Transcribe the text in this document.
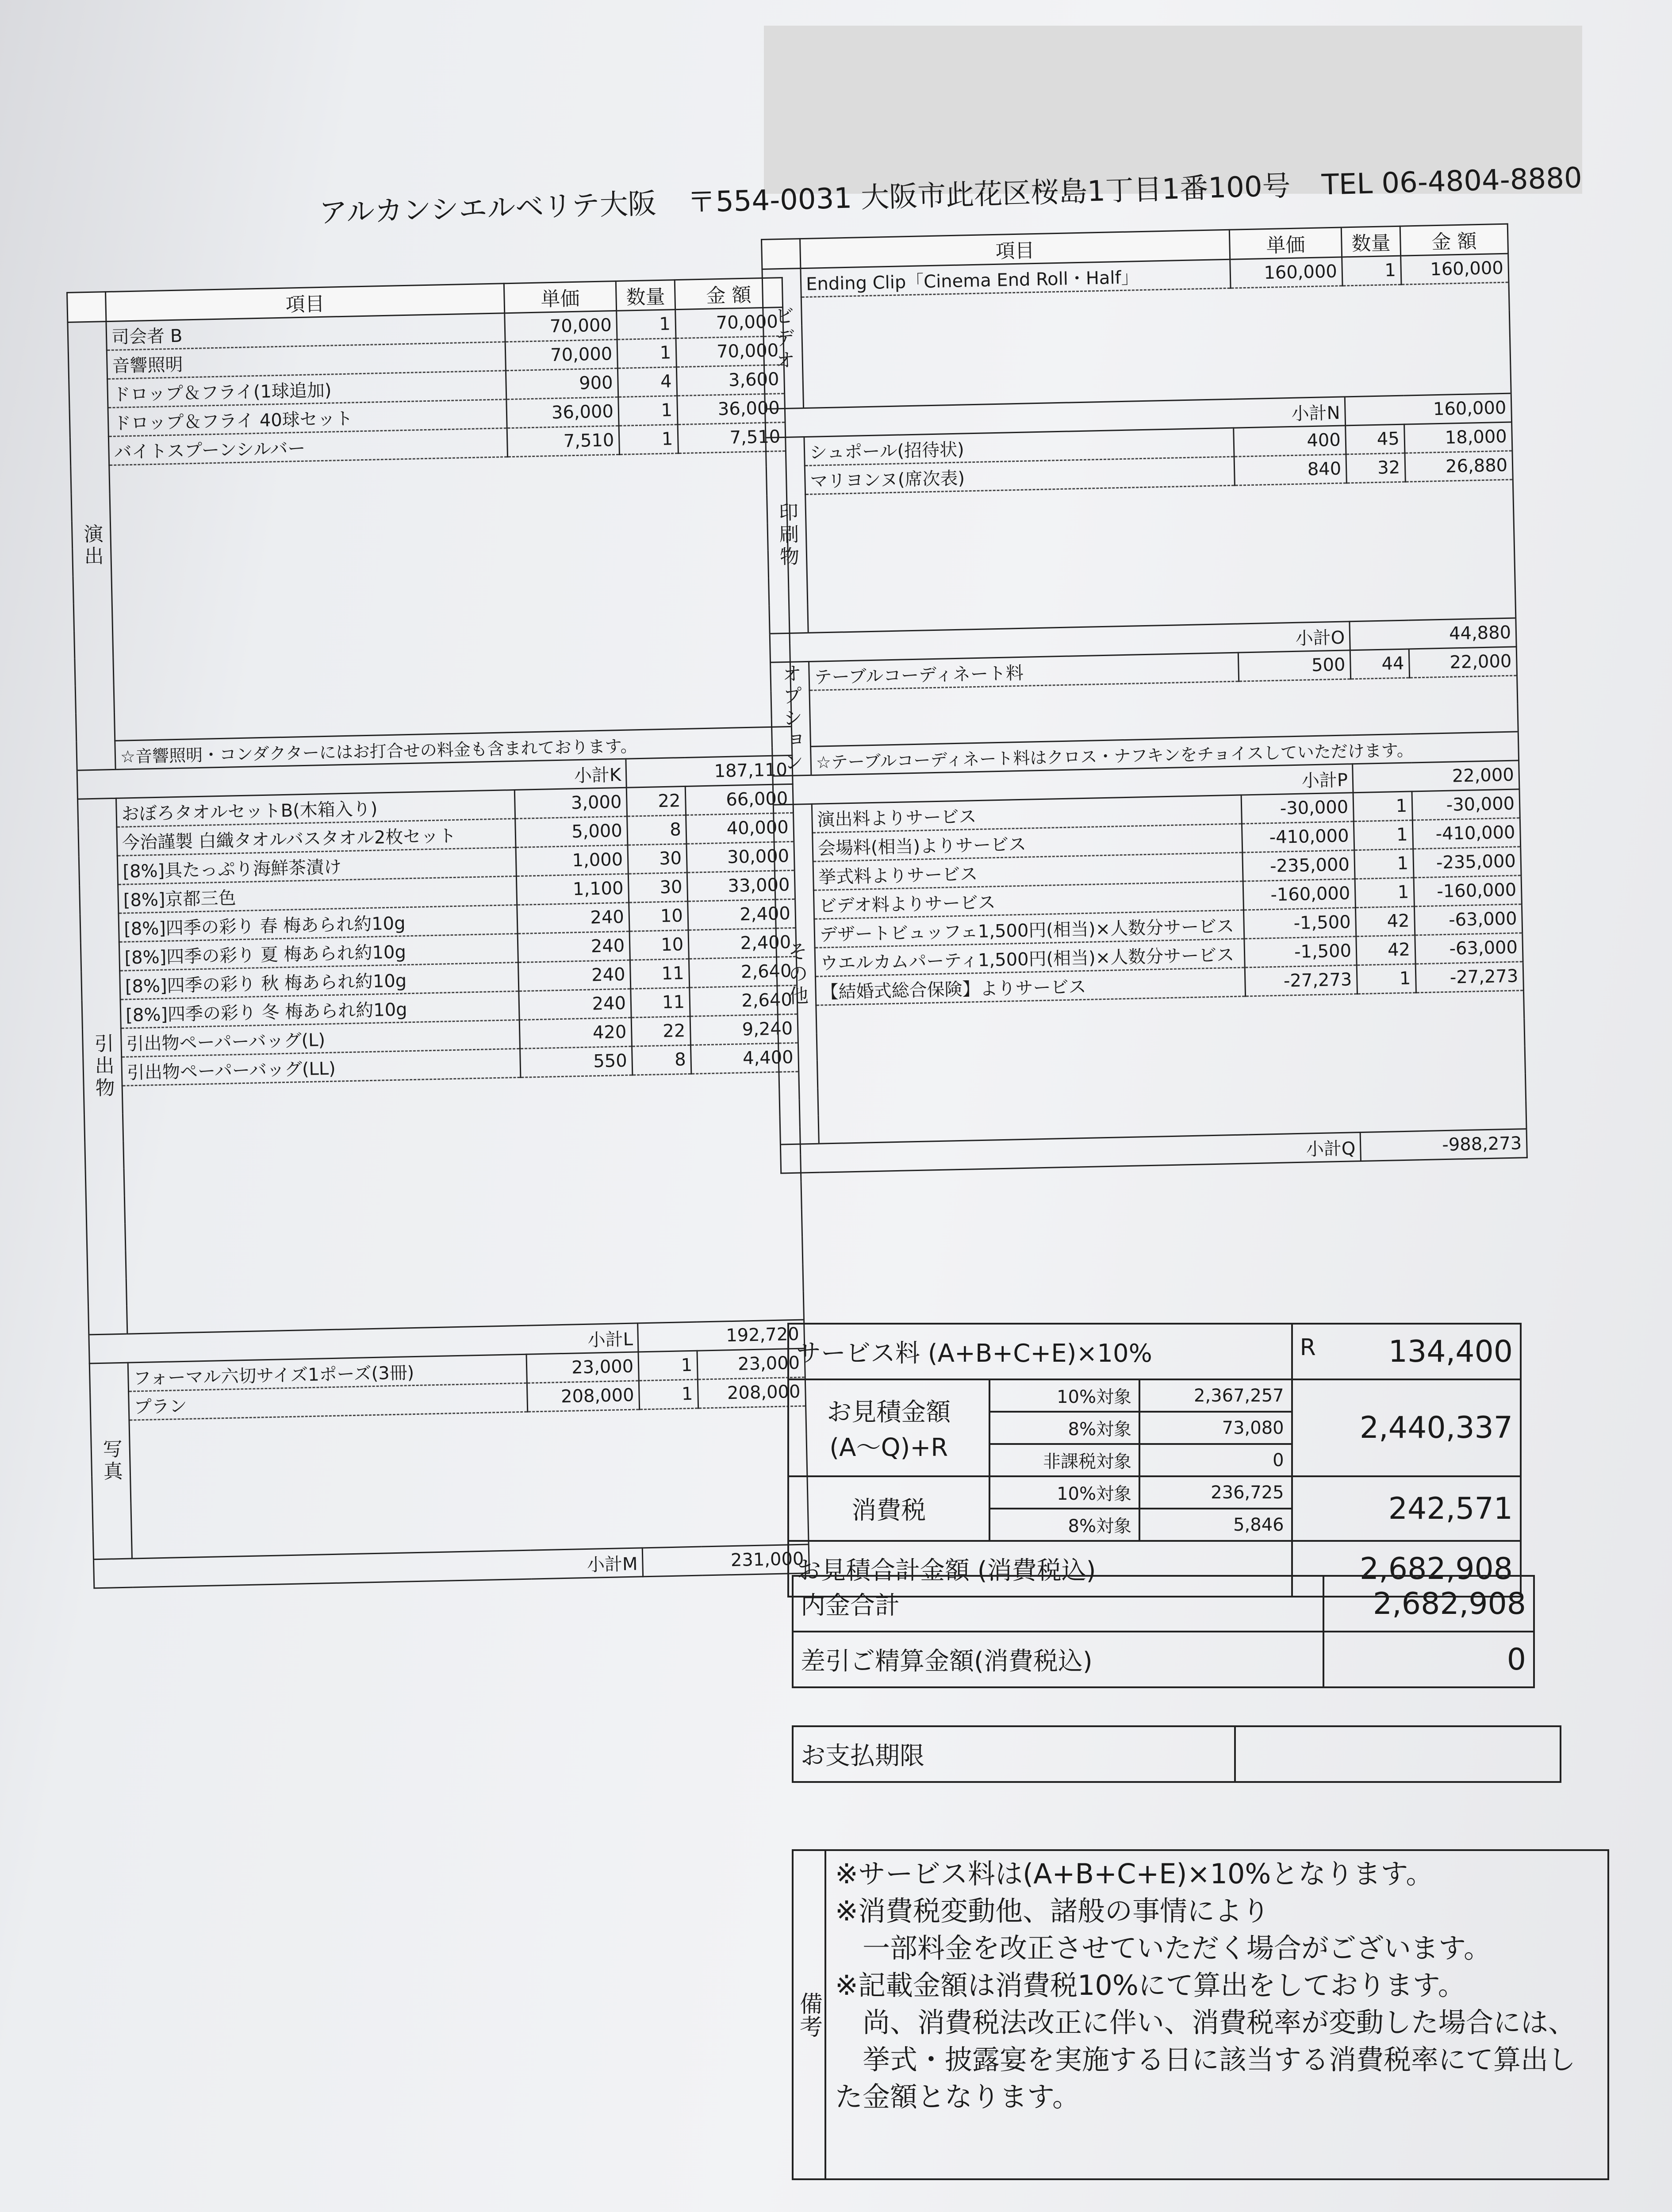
アルカンシエルベリテ大阪 〒554-0031 大阪市此花区桜島1丁目1番100号 TEL 06-4804-8880
	項目	単価	数量	金 額
演出	司会者 B	70,000	1	70,000
	音響照明	70,000	1	70,000
	ドロップ＆フライ(1球追加)	900	4	3,600
	ドロップ＆フライ 40球セット	36,000	1	36,000
	バイトスプーンシルバー	7,510	1	7,510

	☆音響照明・コンダクターにはお打合せの料金も含まれております。			
小計K			187,110	
引出物	おぼろタオルセットB(木箱入り)	3,000	22	66,000
	今治謹製 白織タオルバスタオル2枚セット	5,000	8	40,000
	[8%]具たっぷり海鮮茶漬け	1,000	30	30,000
	[8%]京都三色	1,100	30	33,000
	[8%]四季の彩り 春 梅あられ約10g	240	10	2,400
	[8%]四季の彩り 夏 梅あられ約10g	240	10	2,400
	[8%]四季の彩り 秋 梅あられ約10g	240	11	2,640
	[8%]四季の彩り 冬 梅あられ約10g	240	11	2,640
	引出物ペーパーバッグ(L)	420	22	9,240
	引出物ペーパーバッグ(LL)	550	8	4,400

小計L			192,720	
写真	フォーマル六切サイズ1ポーズ(3冊)	23,000	1	23,000
	プラン	208,000	1	208,000

小計M			231,000	
	項目	単価	数量	金 額
ビデオ	Ending Clip「Cinema End Roll・Half」	160,000	1	160,000

小計N			160,000	
印刷物	シュポール(招待状)	400	45	18,000
	マリヨンヌ(席次表)	840	32	26,880

小計O			44,880	
オプション	テーブルコーディネート料	500	44	22,000

	☆テーブルコーディネート料はクロス・ナフキンをチョイスしていただけます。			
小計P			22,000	
その他	演出料よりサービス	-30,000	1	-30,000
	会場料(相当)よりサービス	-410,000	1	-410,000
	挙式料よりサービス	-235,000	1	-235,000
	ビデオ料よりサービス	-160,000	1	-160,000
	デザートビュッフェ1,500円(相当)×人数分サービス	-1,500	42	-63,000
	ウエルカムパーティ1,500円(相当)×人数分サービス	-1,500	42	-63,000
	【結婚式総合保険】よりサービス	-27,273	1	-27,273

小計Q			-988,273	
サービス料 (A+B+C+E)×10%			R 134,400

お見積金額
(A〜Q)+R	10%対象	2,367,257	2,440,337
	8%対象	73,080	
	非課税対象	0	
消費税	10%対象	236,725	242,571
	8%対象	5,846	
お見積合計金額 (消費税込)			2,682,908
内金合計	2,682,908
差引ご精算金額(消費税込)	0
お支払期限	
備考
※サービス料は(A+B+C+E)×10%となります。
※消費税変動他、諸般の事情により
　一部料金を改正させていただく場合がございます。
※記載金額は消費税10%にて算出をしております。
　尚、消費税法改正に伴い、消費税率が変動した場合には、
　挙式・披露宴を実施する日に該当する消費税率にて算出した金額となります。
